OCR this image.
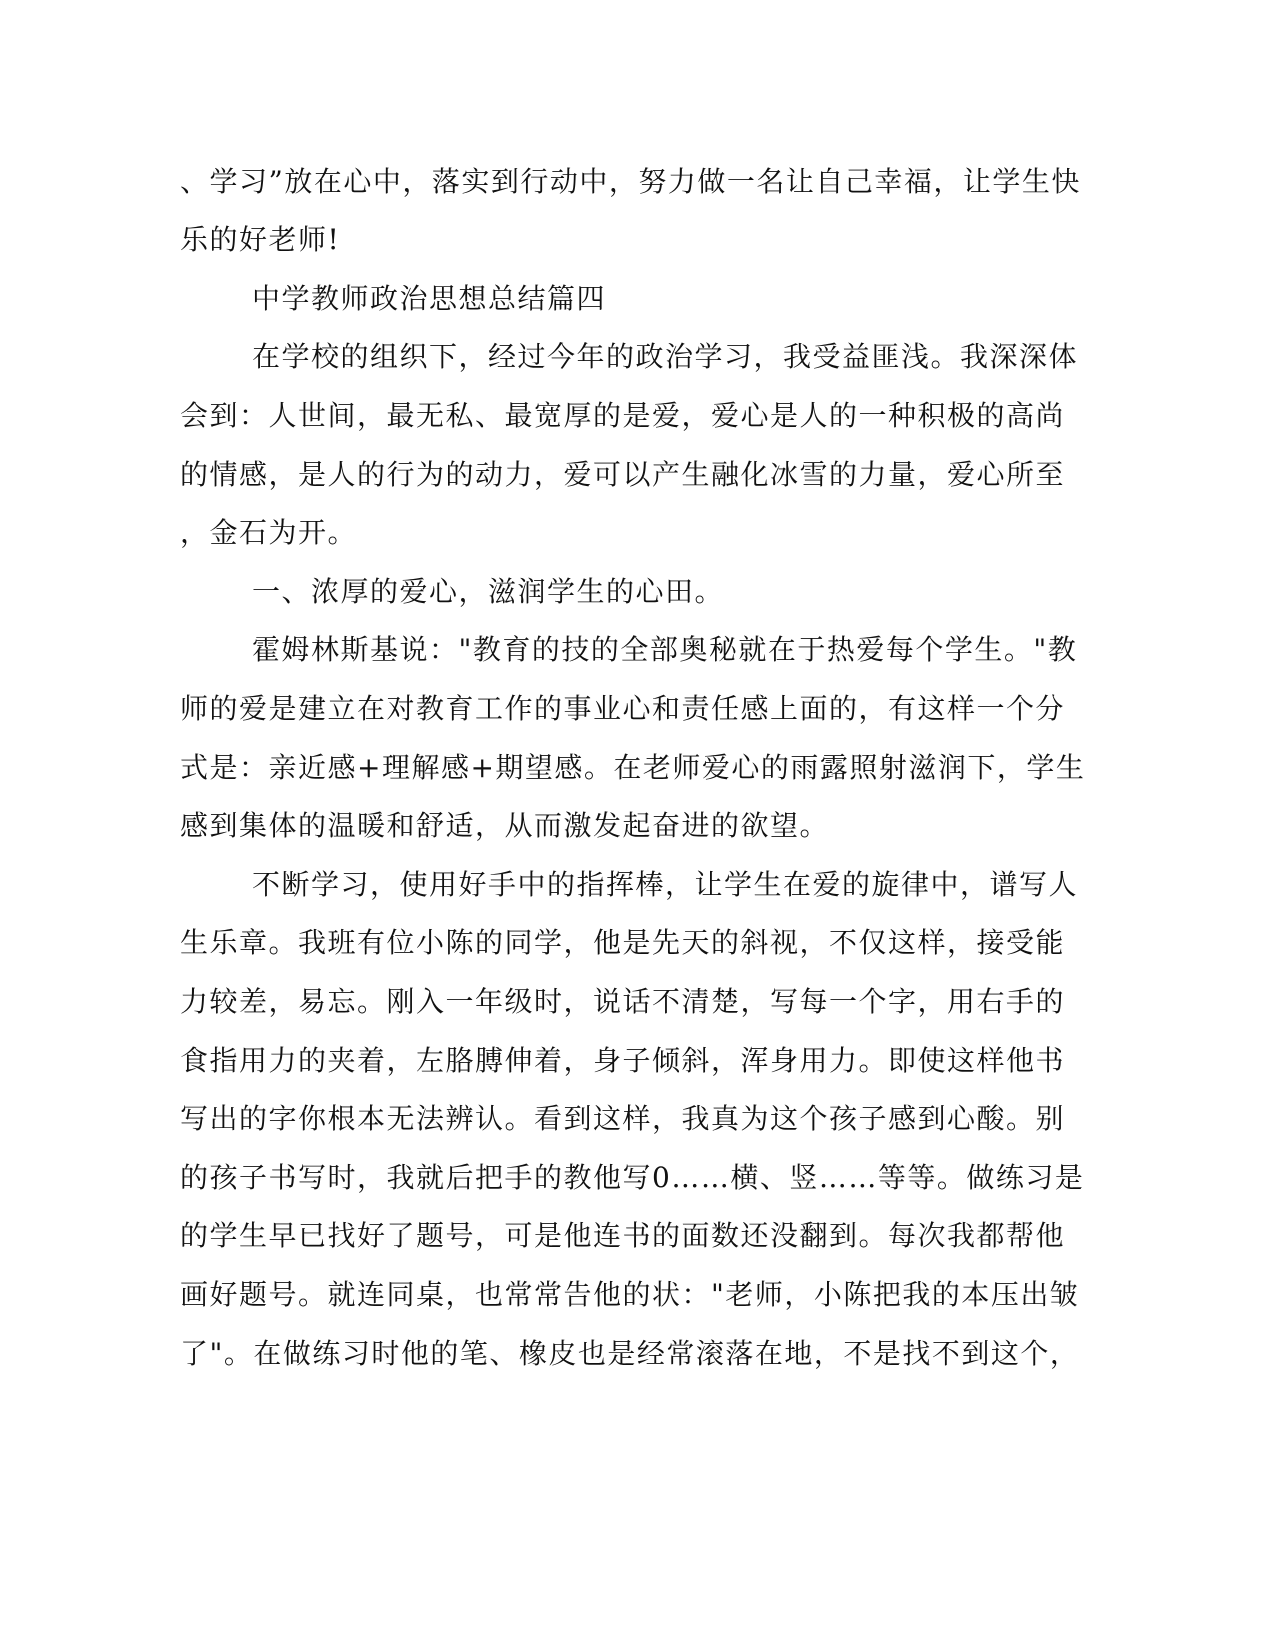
、学习”放在心中，落实到行动中，努力做一名让自己幸福，让学生快
乐的好老师!
中学教师政治思想总结篇四
在学校的组织下，经过今年的政治学习，我受益匪浅。我深深体
会到：人世间，最无私、最宽厚的是爱，爱心是人的一种积极的高尚
的情感，是人的行为的动力，爱可以产生融化冰雪的力量，爱心所至
，金石为开。
一、浓厚的爱心，滋润学生的心田。
霍姆林斯基说："教育的技的全部奥秘就在于热爱每个学生。"教
师的爱是建立在对教育工作的事业心和责任感上面的，有这样一个分
式是：亲近感+理解感+期望感。在老师爱心的雨露照射滋润下，学生
感到集体的温暖和舒适，从而激发起奋进的欲望。
不断学习，使用好手中的指挥棒，让学生在爱的旋律中，谱写人
生乐章。我班有位小陈的同学，他是先天的斜视，不仅这样，接受能
力较差，易忘。刚入一年级时，说话不清楚，写每一个字，用右手的
食指用力的夹着，左胳膊伸着，身子倾斜，浑身用力。即使这样他书
写出的字你根本无法辨认。看到这样，我真为这个孩子感到心酸。别
的孩子书写时，我就后把手的教他写0……横、竖……等等。做练习是
的学生早已找好了题号，可是他连书的面数还没翻到。每次我都帮他
画好题号。就连同桌，也常常告他的状："老师，小陈把我的本压出皱
了"。在做练习时他的笔、橡皮也是经常滚落在地，不是找不到这个，
